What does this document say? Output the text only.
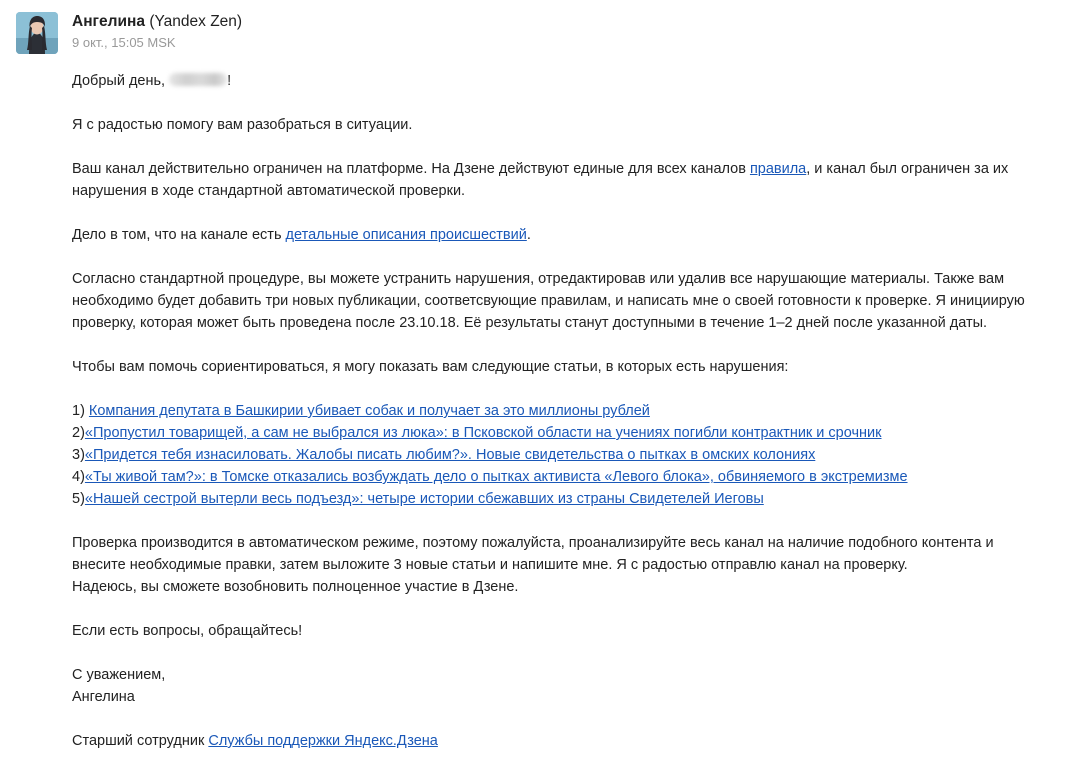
Ангелина (Yandex Zen)
9 окт., 15:05 MSK

Добрый день,	!

Я с радостью помогу вам разобраться в ситуации.

Ваш канал действительно ограничен на платформе. На Дзене действуют единые для всех каналов правила, и канал был ограничен за их нарушения в ходе стандартной автоматической проверки.

Дело в том, что на канале есть детальные описания происшествий.

Согласно стандартной процедуре, вы можете устранить нарушения, отредактировав или удалив все нарушающие материалы. Также вам необходимо будет добавить три новых публикации, соответсвующие правилам, и написать мне о своей готовности к проверке. Я инициирую проверку, которая может быть проведена после 23.10.18. Её результаты станут доступными в течение 1–2 дней после указанной даты.

Чтобы вам помочь сориентироваться, я могу показать вам следующие статьи, в которых есть нарушения:

1) Компания депутата в Башкирии убивает собак и получает за это миллионы рублей
2)«Пропустил товарищей, а сам не выбрался из люка»: в Псковской области на учениях погибли контрактник и срочник
3)«Придется тебя изнасиловать. Жалобы писать любим?». Новые свидетельства о пытках в омских колониях
4)«Ты живой там?»: в Томске отказались возбуждать дело о пытках активиста «Левого блока», обвиняемого в экстремизме
5)«Нашей сестрой вытерли весь подъезд»: четыре истории сбежавших из страны Свидетелей Иеговы

Проверка производится в автоматическом режиме, поэтому пожалуйста, проанализируйте весь канал на наличие подобного контента и внесите необходимые правки, затем выложите 3 новые статьи и напишите мне. Я с радостью отправлю канал на проверку.
Надеюсь, вы сможете возобновить полноценное участие в Дзене.

Если есть вопросы, обращайтесь!

С уважением,
Ангелина

Старший сотрудник Службы поддержки Яндекс.Дзена
